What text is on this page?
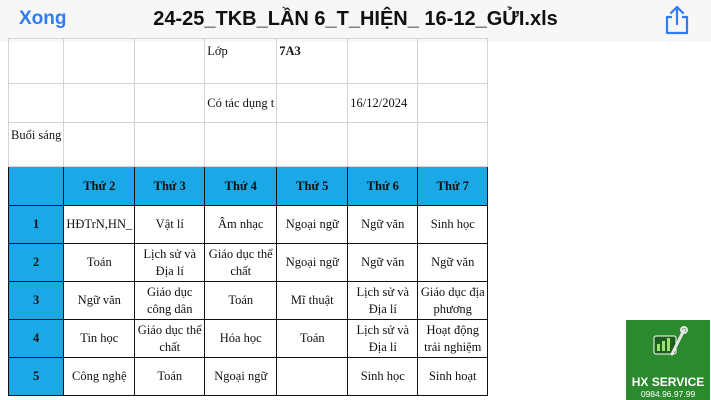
Xong	24-25_TKB_LẦN 6_T_HIỆN_ 16-12_GỬI.xls
			Lớp	7A3		
			Có tác dụng t		16/12/2024	
Buổi sáng						
	Thứ 2	Thứ 3	Thứ 4	Thứ 5	Thứ 6	Thứ 7
1	HĐTrN,HN_	Vật lí	Âm nhạc	Ngoại ngữ	Ngữ văn	Sinh học
2	Toán	Lịch sử và Địa lí	Giáo dục thể chất	Ngoại ngữ	Ngữ văn	Ngữ văn
3	Ngữ văn	Giáo dục công dân	Toán	Mĩ thuật	Lịch sử và Địa lí	Giáo dục địa phương
4	Tin học	Giáo dục thể chất	Hóa học	Toán	Lịch sử và Địa lí	Hoạt động trải nghiệm
5	Công nghệ	Toán	Ngoại ngữ		Sinh học	Sinh hoạt	HX SERVICE
0984.96.97.99
